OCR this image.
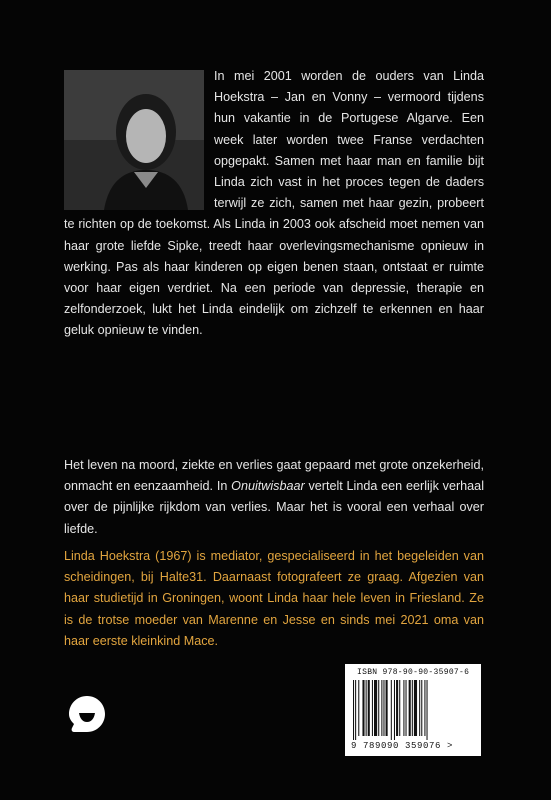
In mei 2001 worden de ouders van Linda Hoekstra – Jan en Vonny – vermoord tijdens hun vakantie in de Portugese Algarve. Een week later worden twee Franse verdachten opgepakt. Samen met haar man en familie bijt Linda zich vast in het proces tegen de daders terwijl ze zich, samen met haar gezin, probeert te richten op de toekomst. Als Linda in 2003 ook afscheid moet nemen van haar grote liefde Sipke, treedt haar overlevingsmechanisme opnieuw in werking. Pas als haar kinderen op eigen benen staan, ontstaat er ruimte voor haar eigen verdriet. Na een periode van depressie, therapie en zelfonderzoek, lukt het Linda eindelijk om zichzelf te erkennen en haar geluk opnieuw te vinden.

Het leven na moord, ziekte en verlies gaat gepaard met grote onzekerheid, onmacht en eenzaamheid. In Onuitwisbaar vertelt Linda een eerlijk verhaal over de pijnlijke rijkdom van verlies. Maar het is vooral een verhaal over liefde.

Linda Hoekstra (1967) is mediator, gespecialiseerd in het begeleiden van scheidingen, bij Halte31. Daarnaast fotografeert ze graag. Afgezien van haar studietijd in Groningen, woont Linda haar hele leven in Friesland. Ze is de trotse moeder van Marenne en Jesse en sinds mei 2021 oma van haar eerste kleinkind Mace.

ISBN 978-90-90-35907-6
9 789090 359076 >
